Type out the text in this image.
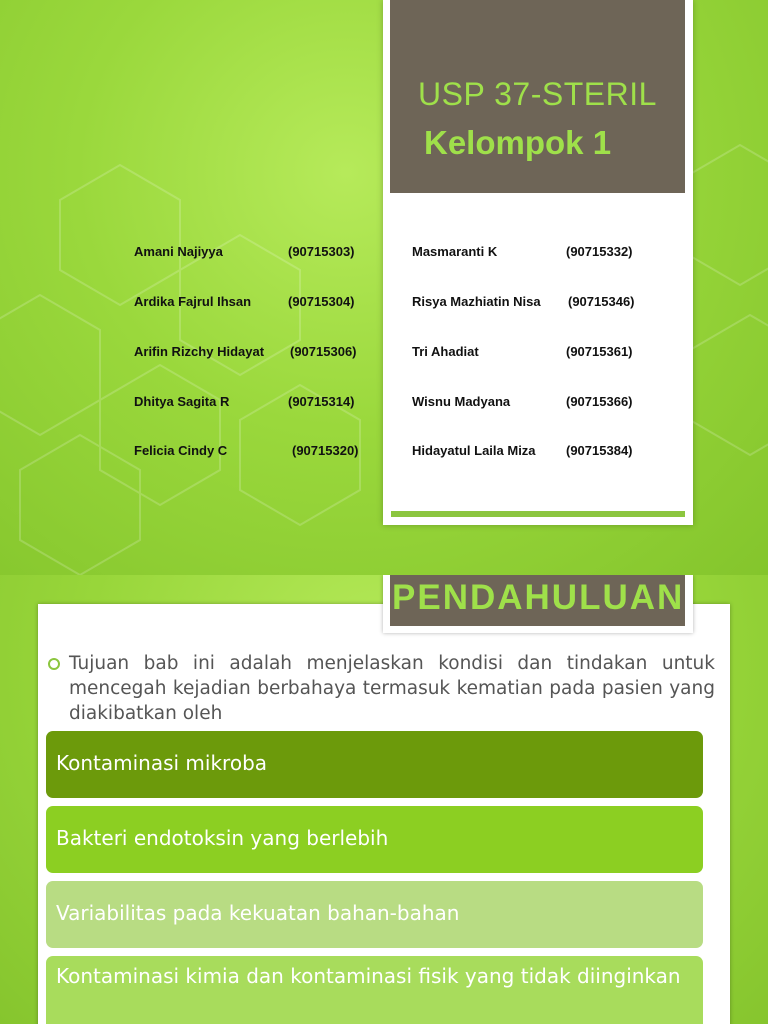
USP 37-STERIL
Kelompok 1
Amani Najiyya	(90715303)
Ardika Fajrul Ihsan	(90715304)
Arifin Rizchy Hidayat (90715306)
Dhitya Sagita R	(90715314)
Felicia Cindy C	(90715320)
Masmaranti K	(90715332)
Risya Mazhiatin Nisa (90715346)
Tri Ahadiat	(90715361)
Wisnu Madyana	(90715366)
Hidayatul Laila Miza (90715384)
PENDAHULUAN
Tujuan bab ini adalah menjelaskan kondisi dan tindakan untuk mencegah kejadian berbahaya termasuk kematian pada pasien yang diakibatkan oleh
Kontaminasi mikroba
Bakteri endotoksin yang berlebih
Variabilitas pada kekuatan bahan-bahan
Kontaminasi kimia dan kontaminasi fisik yang tidak diinginkan
